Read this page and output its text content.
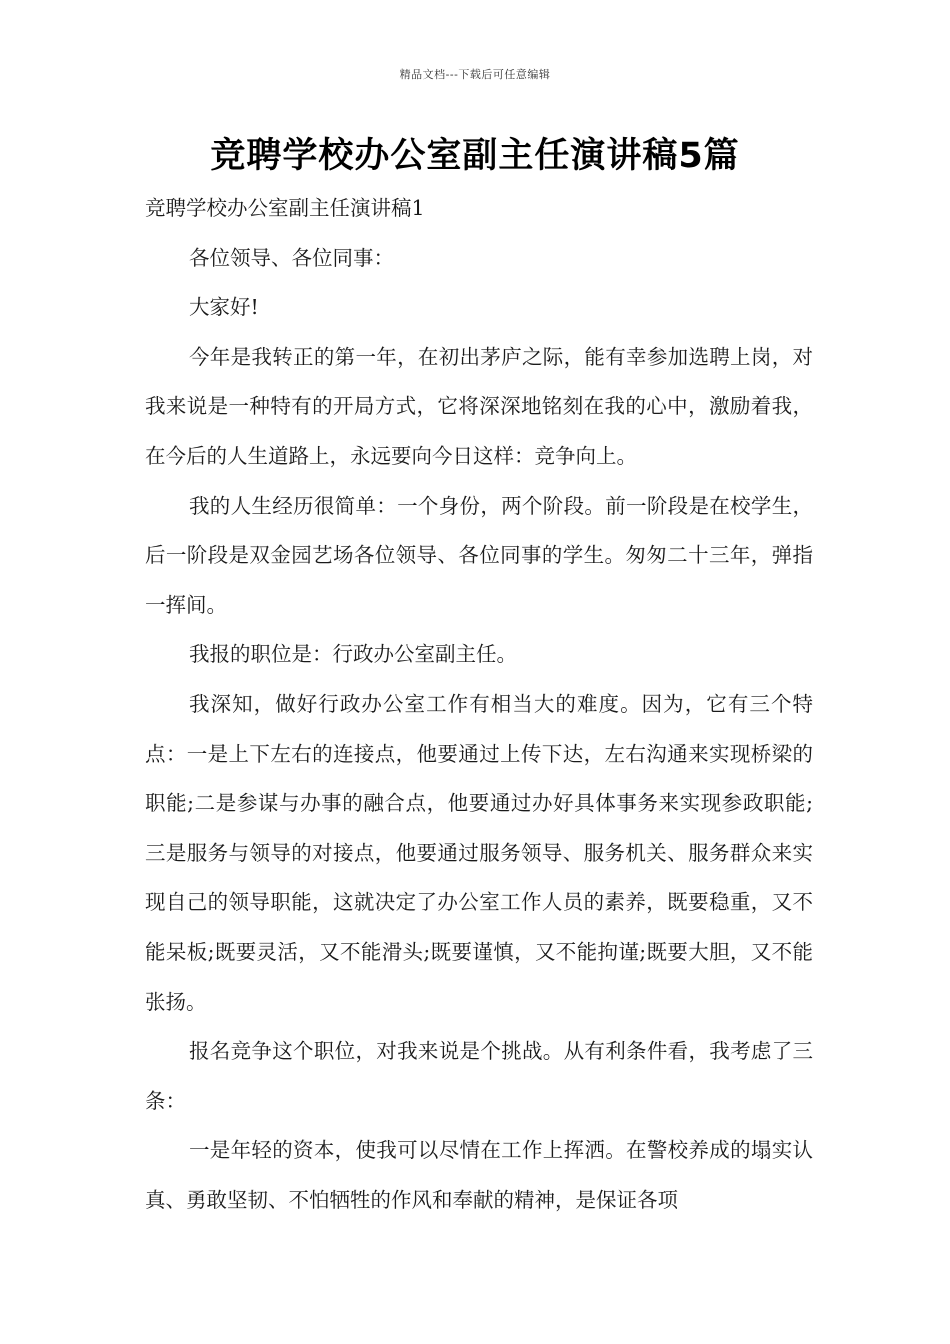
精品文档---下载后可任意编辑
竞聘学校办公室副主任演讲稿5篇

竞聘学校办公室副主任演讲稿1

各位领导、各位同事：

大家好!

今年是我转正的第一年，在初出茅庐之际，能有幸参加选聘上岗，对我来说是一种特有的开局方式，它将深深地铭刻在我的心中，激励着我，在今后的人生道路上，永远要向今日这样：竞争向上。

我的人生经历很简单：一个身份，两个阶段。前一阶段是在校学生，后一阶段是双金园艺场各位领导、各位同事的学生。匆匆二十三年，弹指一挥间。

我报的职位是：行政办公室副主任。

我深知，做好行政办公室工作有相当大的难度。因为，它有三个特点：一是上下左右的连接点，他要通过上传下达，左右沟通来实现桥梁的职能;二是参谋与办事的融合点，他要通过办好具体事务来实现参政职能;三是服务与领导的对接点，他要通过服务领导、服务机关、服务群众来实现自己的领导职能，这就决定了办公室工作人员的素养，既要稳重，又不能呆板;既要灵活，又不能滑头;既要谨慎，又不能拘谨;既要大胆，又不能张扬。

报名竞争这个职位，对我来说是个挑战。从有利条件看，我考虑了三条：

一是年轻的资本，使我可以尽情在工作上挥洒。在警校养成的塌实认真、勇敢坚韧、不怕牺牲的作风和奉献的精神，是保证各项
